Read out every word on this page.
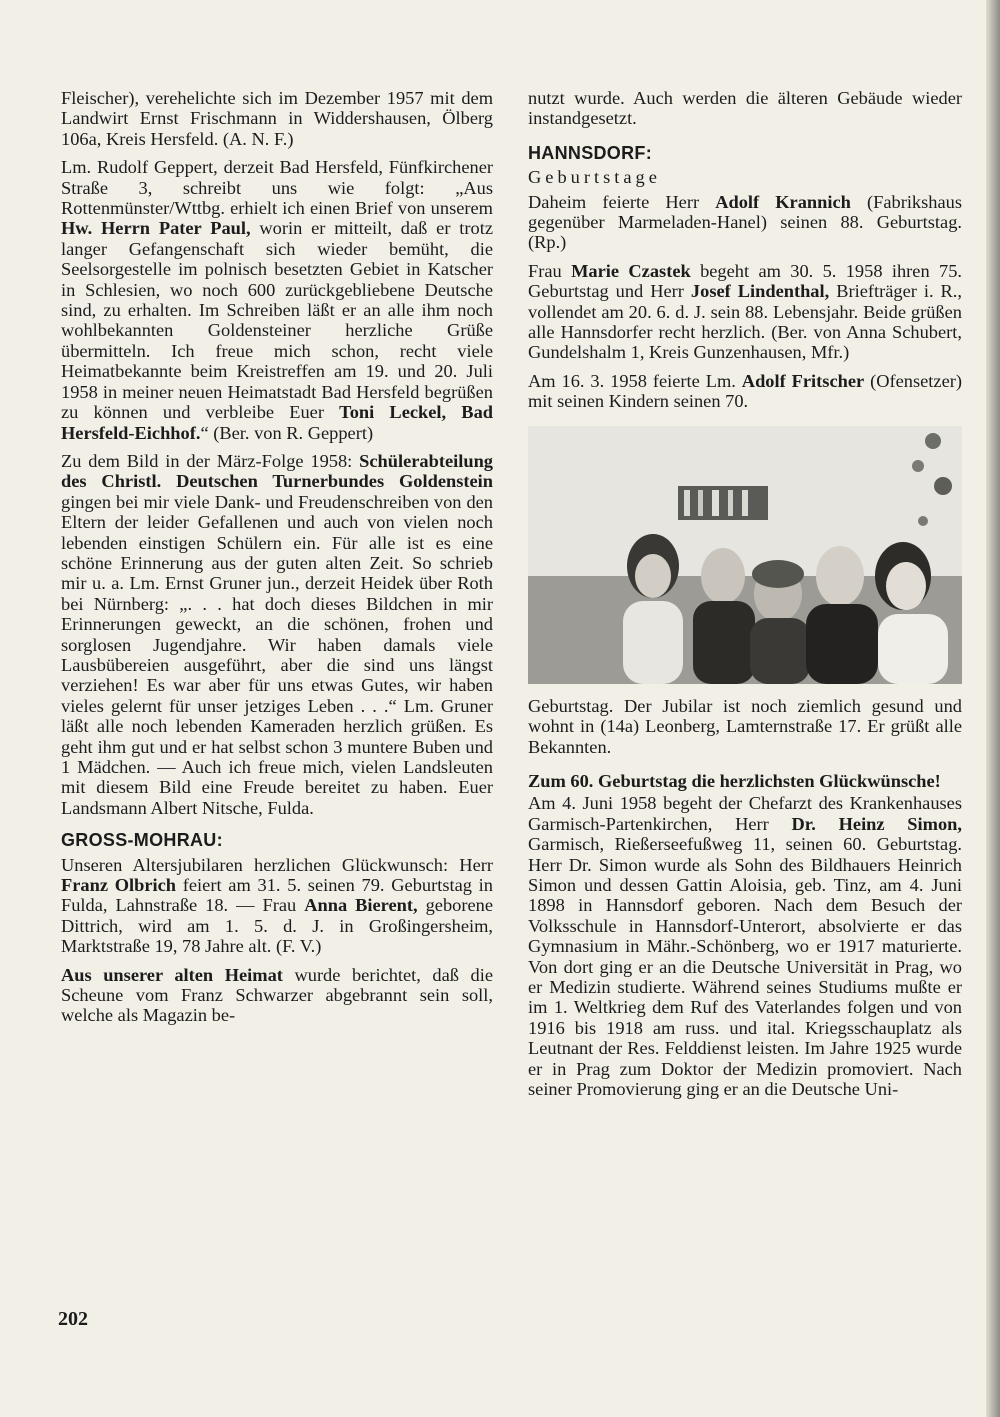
Fleischer), verehelichte sich im Dezember 1957 mit dem Landwirt Ernst Frischmann in Widdershausen, Ölberg 106a, Kreis Hersfeld. (A. N. F.)

Lm. Rudolf Geppert, derzeit Bad Hersfeld, Fünfkirchener Straße 3, schreibt uns wie folgt: „Aus Rottenmünster/Wttbg. erhielt ich einen Brief von unserem Hw. Herrn Pater Paul, worin er mitteilt, daß er trotz langer Gefangenschaft sich wieder bemüht, die Seelsorgestelle im polnisch besetzten Gebiet in Katscher in Schlesien, wo noch 600 zurückgebliebene Deutsche sind, zu erhalten. Im Schreiben läßt er an alle ihm noch wohlbekannten Goldensteiner herzliche Grüße übermitteln. Ich freue mich schon, recht viele Heimatbekannte beim Kreistreffen am 19. und 20. Juli 1958 in meiner neuen Heimatstadt Bad Hersfeld begrüßen zu können und verbleibe Euer Toni Leckel, Bad Hersfeld-Eichhof.“ (Ber. von R. Geppert)

Zu dem Bild in der März-Folge 1958: Schülerabteilung des Christl. Deutschen Turnerbundes Goldenstein gingen bei mir viele Dank- und Freudenschreiben von den Eltern der leider Gefallenen und auch von vielen noch lebenden einstigen Schülern ein. Für alle ist es eine schöne Erinnerung aus der guten alten Zeit. So schrieb mir u. a. Lm. Ernst Gruner jun., derzeit Heidek über Roth bei Nürnberg: „. . . hat doch dieses Bildchen in mir Erinnerungen geweckt, an die schönen, frohen und sorglosen Jugendjahre. Wir haben damals viele Lausbübereien ausgeführt, aber die sind uns längst verziehen! Es war aber für uns etwas Gutes, wir haben vieles gelernt für unser jetziges Leben . . .“ Lm. Gruner läßt alle noch lebenden Kameraden herzlich grüßen. Es geht ihm gut und er hat selbst schon 3 muntere Buben und 1 Mädchen. — Auch ich freue mich, vielen Landsleuten mit diesem Bild eine Freude bereitet zu haben. Euer Landsmann Albert Nitsche, Fulda.

GROSS-MOHRAU:

Unseren Altersjubilaren herzlichen Glückwunsch: Herr Franz Olbrich feiert am 31. 5. seinen 79. Geburtstag in Fulda, Lahnstraße 18. — Frau Anna Bierent, geborene Dittrich, wird am 1. 5. d. J. in Großingersheim, Marktstraße 19, 78 Jahre alt. (F. V.)

Aus unserer alten Heimat wurde berichtet, daß die Scheune vom Franz Schwarzer abgebrannt sein soll, welche als Magazin be-

nutzt wurde. Auch werden die älteren Gebäude wieder instandgesetzt.

HANNSDORF:
Geburtstage

Daheim feierte Herr Adolf Krannich (Fabrikshaus gegenüber Marmeladen-Hanel) seinen 88. Geburtstag. (Rp.)

Frau Marie Czastek begeht am 30. 5. 1958 ihren 75. Geburtstag und Herr Josef Lindenthal, Briefträger i. R., vollendet am 20. 6. d. J. sein 88. Lebensjahr. Beide grüßen alle Hannsdorfer recht herzlich. (Ber. von Anna Schubert, Gundelshalm 1, Kreis Gunzenhausen, Mfr.)

Am 16. 3. 1958 feierte Lm. Adolf Fritscher (Ofensetzer) mit seinen Kindern seinen 70.

Geburtstag. Der Jubilar ist noch ziemlich gesund und wohnt in (14a) Leonberg, Lamternstraße 17. Er grüßt alle Bekannten.

Zum 60. Geburtstag die herzlichsten Glückwünsche!

Am 4. Juni 1958 begeht der Chefarzt des Krankenhauses Garmisch-Partenkirchen, Herr Dr. Heinz Simon, Garmisch, Rießerseefußweg 11, seinen 60. Geburtstag. Herr Dr. Simon wurde als Sohn des Bildhauers Heinrich Simon und dessen Gattin Aloisia, geb. Tinz, am 4. Juni 1898 in Hannsdorf geboren. Nach dem Besuch der Volksschule in Hannsdorf-Unterort, absolvierte er das Gymnasium in Mähr.-Schönberg, wo er 1917 maturierte. Von dort ging er an die Deutsche Universität in Prag, wo er Medizin studierte. Während seines Studiums mußte er im 1. Weltkrieg dem Ruf des Vaterlandes folgen und von 1916 bis 1918 am russ. und ital. Kriegsschauplatz als Leutnant der Res. Felddienst leisten. Im Jahre 1925 wurde er in Prag zum Doktor der Medizin promoviert. Nach seiner Promovierung ging er an die Deutsche Uni-

202
